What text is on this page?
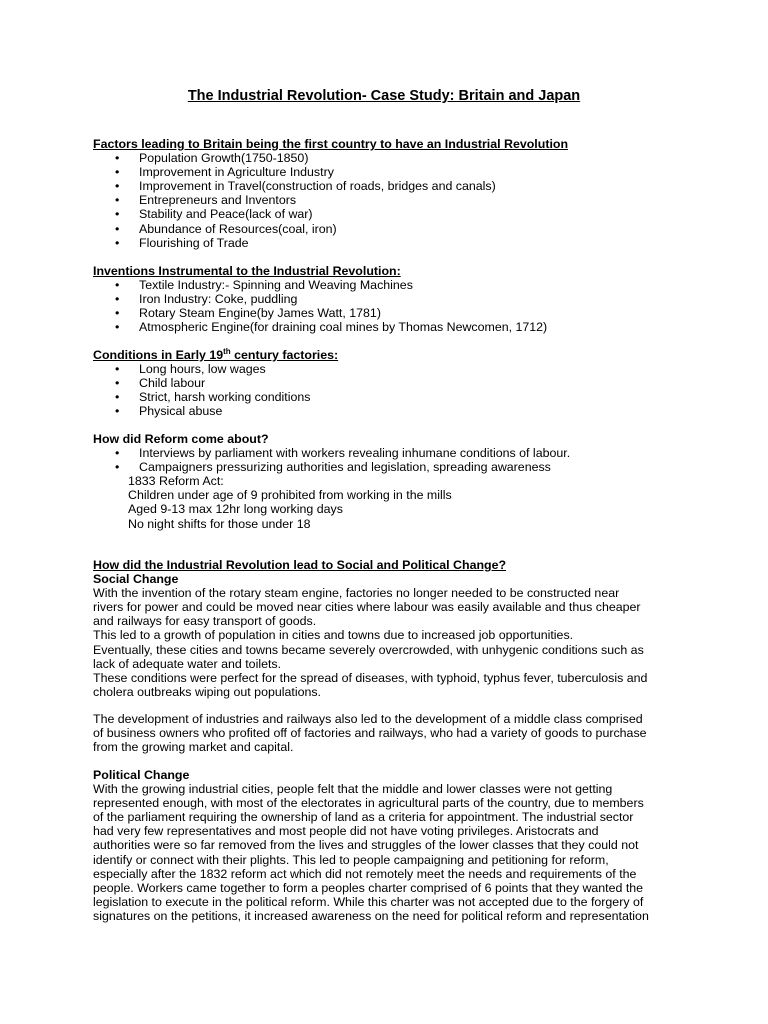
The Industrial Revolution- Case Study: Britain and Japan
Factors leading to Britain being the first country to have an Industrial Revolution
• Population Growth(1750-1850)
• Improvement in Agriculture Industry
• Improvement in Travel(construction of roads, bridges and canals)
• Entrepreneurs and Inventors
• Stability and Peace(lack of war)
• Abundance of Resources(coal, iron)
• Flourishing of Trade
Inventions Instrumental to the Industrial Revolution:
• Textile Industry:- Spinning and Weaving Machines
• Iron Industry: Coke, puddling
• Rotary Steam Engine(by James Watt, 1781)
• Atmospheric Engine(for draining coal mines by Thomas Newcomen, 1712)
Conditions in Early 19th century factories:
• Long hours, low wages
• Child labour
• Strict, harsh working conditions
• Physical abuse
How did Reform come about?
• Interviews by parliament with workers revealing inhumane conditions of labour.
• Campaigners pressurizing authorities and legislation, spreading awareness
1833 Reform Act:
Children under age of 9 prohibited from working in the mills
Aged 9-13 max 12hr long working days
No night shifts for those under 18
How did the Industrial Revolution lead to Social and Political Change?
Social Change
With the invention of the rotary steam engine, factories no longer needed to be constructed near
rivers for power and could be moved near cities where labour was easily available and thus cheaper
and railways for easy transport of goods.
This led to a growth of population in cities and towns due to increased job opportunities.
Eventually, these cities and towns became severely overcrowded, with unhygenic conditions such as
lack of adequate water and toilets.
These conditions were perfect for the spread of diseases, with typhoid, typhus fever, tuberculosis and
cholera outbreaks wiping out populations.
The development of industries and railways also led to the development of a middle class comprised
of business owners who profited off of factories and railways, who had a variety of goods to purchase
from the growing market and capital.
Political Change
With the growing industrial cities, people felt that the middle and lower classes were not getting
represented enough, with most of the electorates in agricultural parts of the country, due to members
of the parliament requiring the ownership of land as a criteria for appointment. The industrial sector
had very few representatives and most people did not have voting privileges. Aristocrats and
authorities were so far removed from the lives and struggles of the lower classes that they could not
identify or connect with their plights. This led to people campaigning and petitioning for reform,
especially after the 1832 reform act which did not remotely meet the needs and requirements of the
people. Workers came together to form a peoples charter comprised of 6 points that they wanted the
legislation to execute in the political reform. While this charter was not accepted due to the forgery of
signatures on the petitions, it increased awareness on the need for political reform and representation
